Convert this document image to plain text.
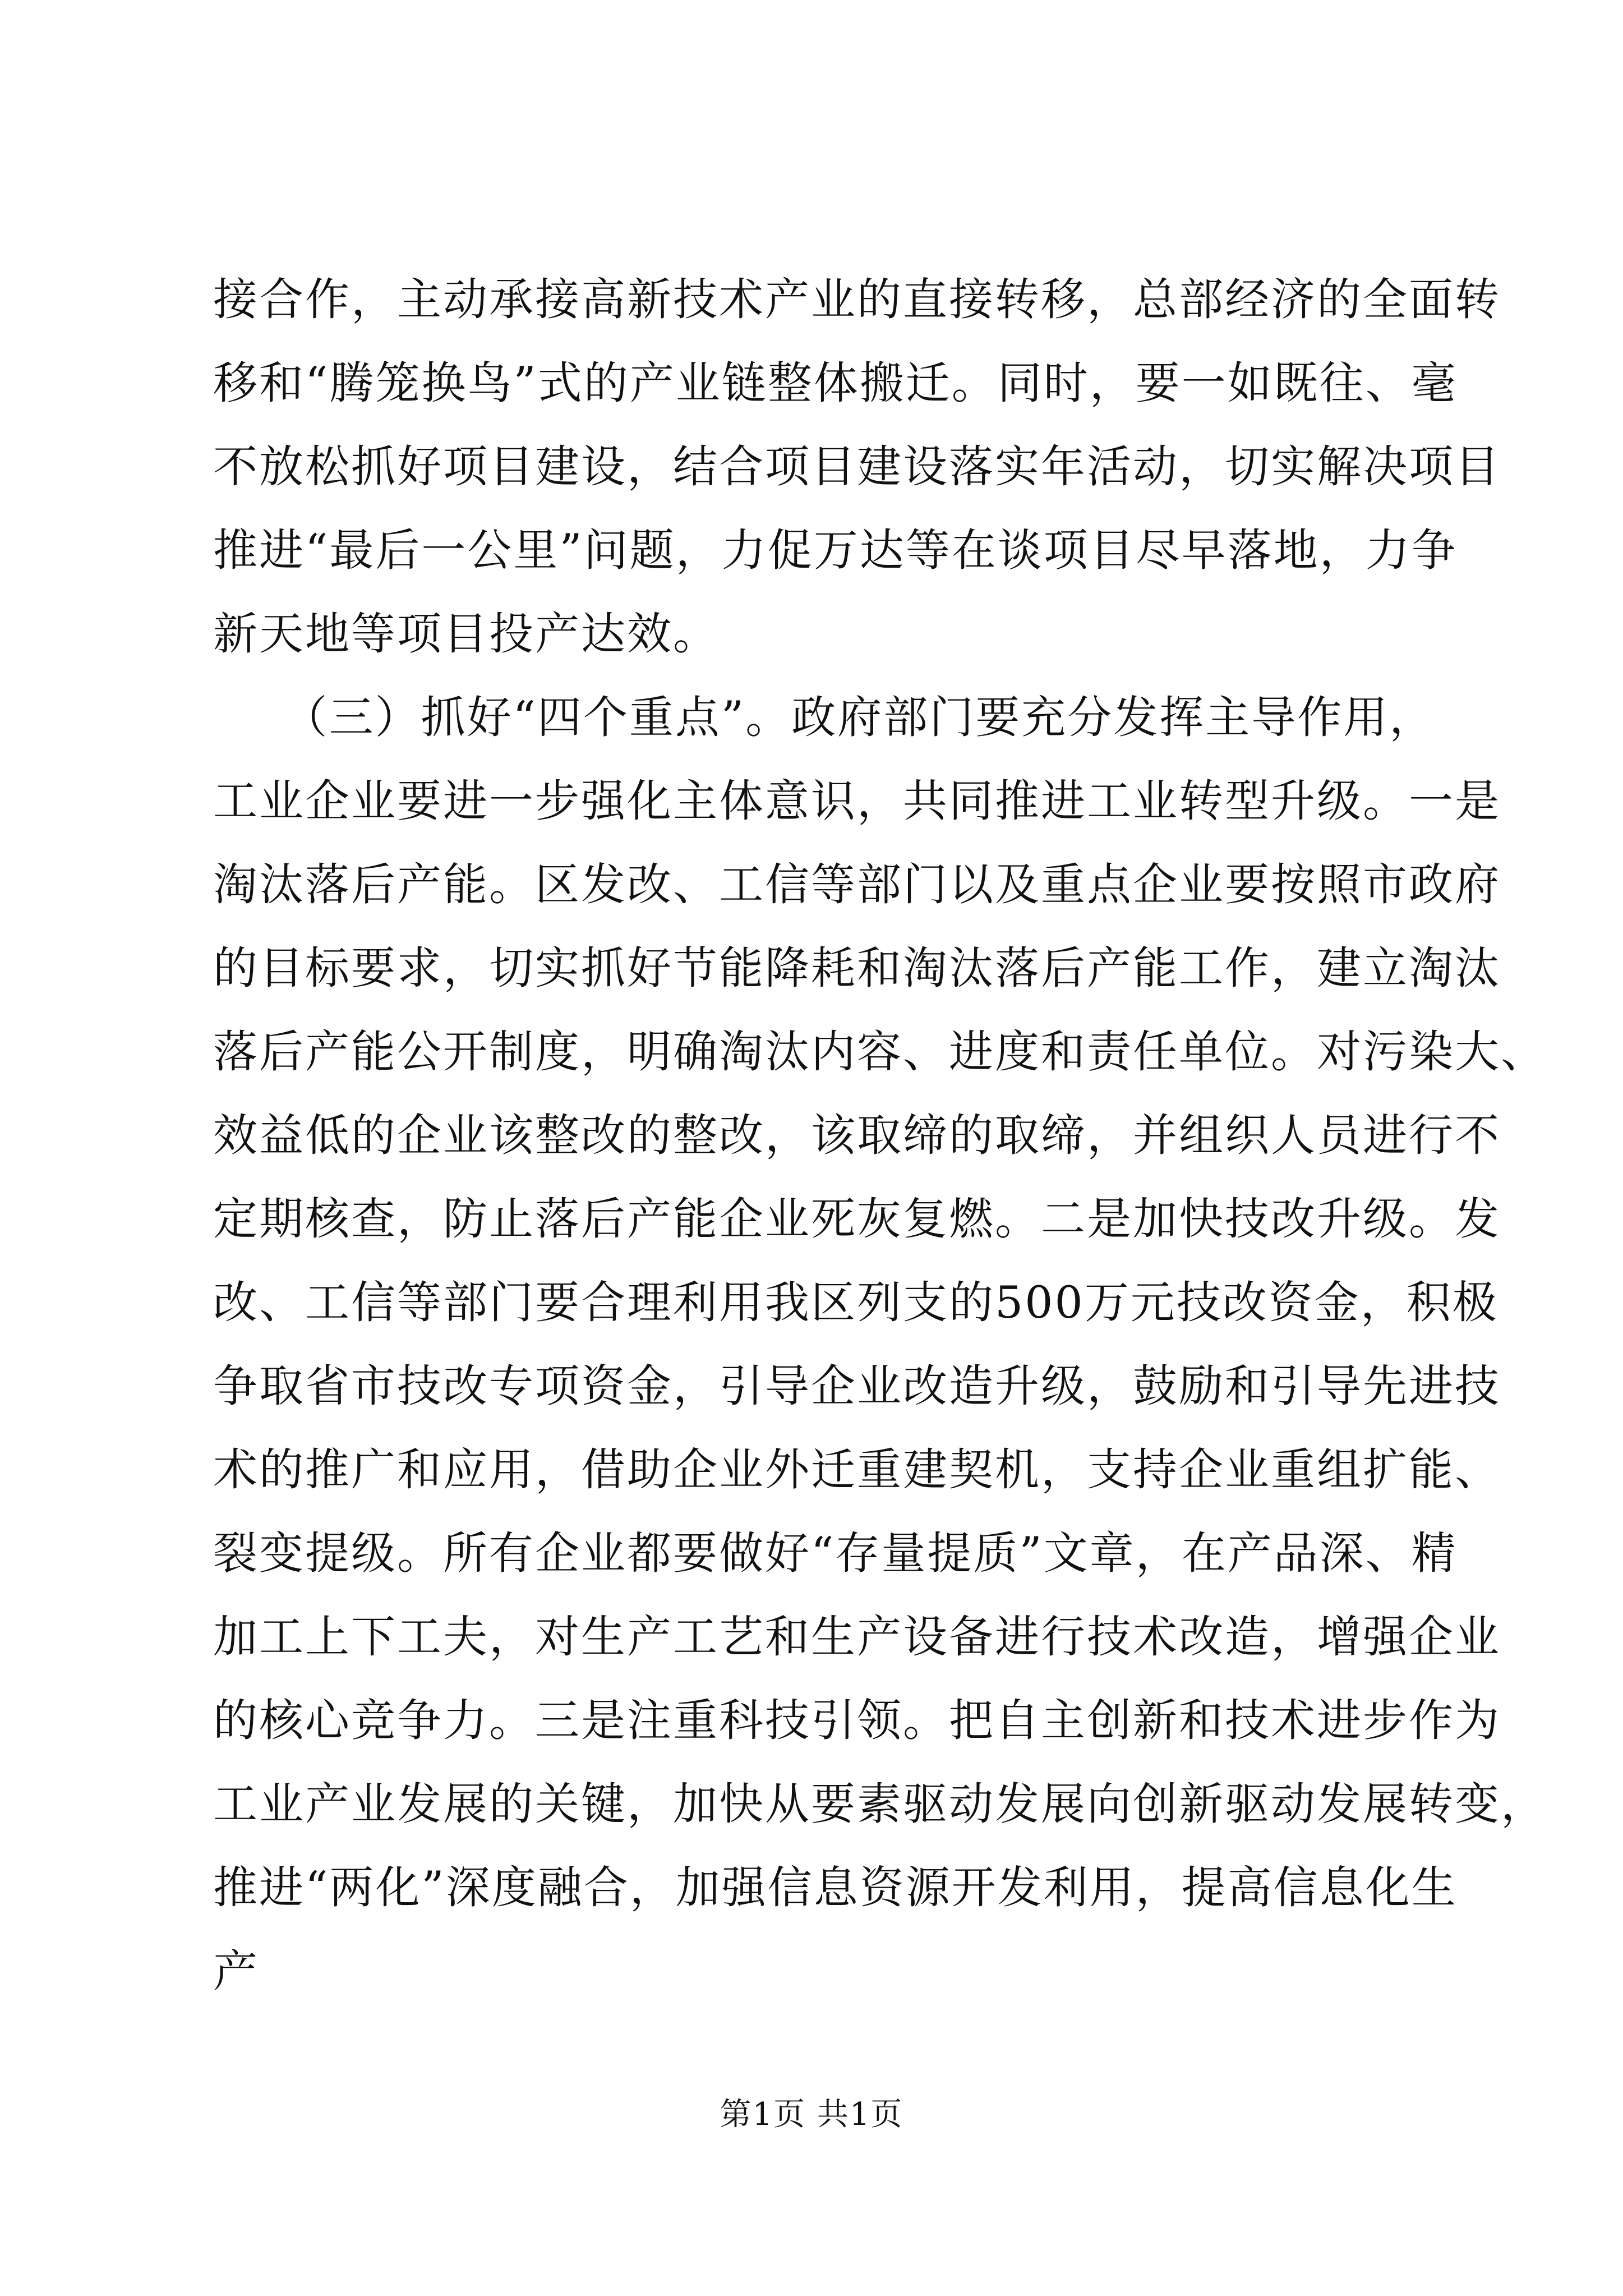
接合作，主动承接高新技术产业的直接转移，总部经济的全面转
移和“腾笼换鸟”式的产业链整体搬迁。同时，要一如既往、毫
不放松抓好项目建设，结合项目建设落实年活动，切实解决项目
推进“最后一公里”问题，力促万达等在谈项目尽早落地，力争
新天地等项目投产达效。
　　（三）抓好“四个重点”。政府部门要充分发挥主导作用，
工业企业要进一步强化主体意识，共同推进工业转型升级。一是
淘汰落后产能。区发改、工信等部门以及重点企业要按照市政府
的目标要求，切实抓好节能降耗和淘汰落后产能工作，建立淘汰
落后产能公开制度，明确淘汰内容、进度和责任单位。对污染大、
效益低的企业该整改的整改，该取缔的取缔，并组织人员进行不
定期核查，防止落后产能企业死灰复燃。二是加快技改升级。发
改、工信等部门要合理利用我区列支的500万元技改资金，积极
争取省市技改专项资金，引导企业改造升级，鼓励和引导先进技
术的推广和应用，借助企业外迁重建契机，支持企业重组扩能、
裂变提级。所有企业都要做好“存量提质”文章，在产品深、精
加工上下工夫，对生产工艺和生产设备进行技术改造，增强企业
的核心竞争力。三是注重科技引领。把自主创新和技术进步作为
工业产业发展的关键，加快从要素驱动发展向创新驱动发展转变，
推进“两化”深度融合，加强信息资源开发利用，提高信息化生
产
第1页 共1页
